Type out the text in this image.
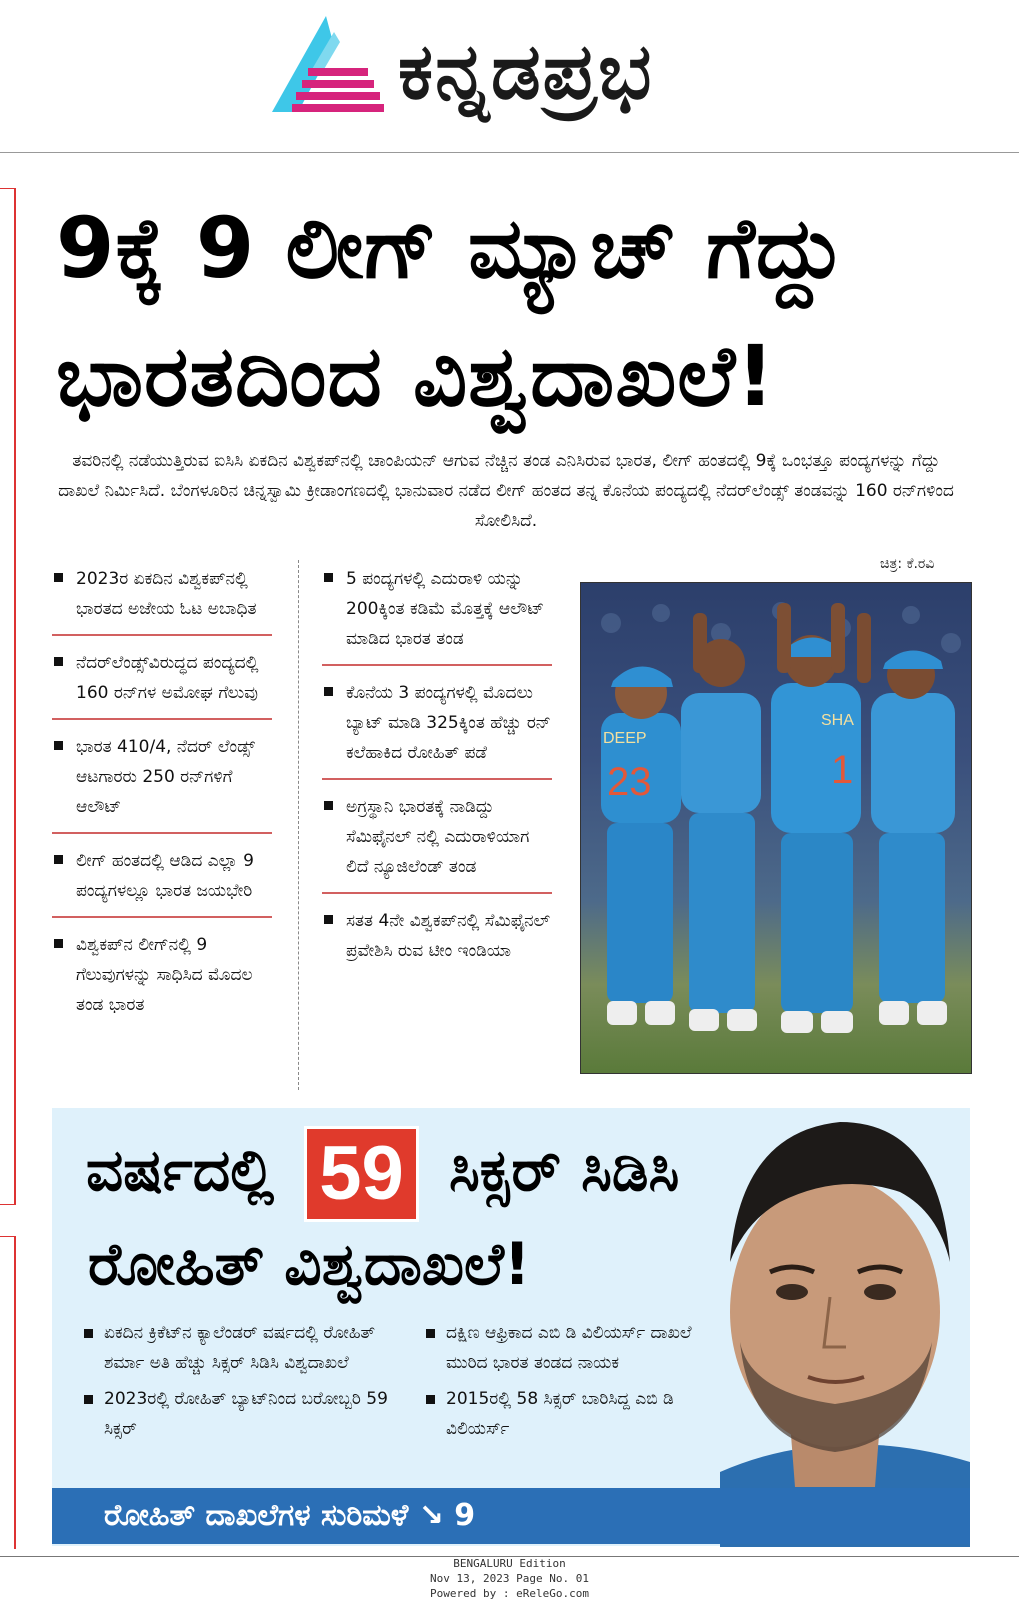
ಕನ್ನಡಪ್ರಭ
9ಕ್ಕೆ 9 ಲೀಗ್ ಮ್ಯಾಚ್ ಗೆದ್ದು
ಭಾರತದಿಂದ ವಿಶ್ವದಾಖಲೆ!
ತವರಿನಲ್ಲಿ ನಡೆಯುತ್ತಿರುವ ಐಸಿಸಿ ಏಕದಿನ ವಿಶ್ವಕಪ್‌ನಲ್ಲಿ ಚಾಂಪಿಯನ್ ಆಗುವ ನೆಚ್ಚಿನ ತಂಡ ಎನಿಸಿರುವ ಭಾರತ, ಲೀಗ್ ಹಂತದಲ್ಲಿ 9ಕ್ಕೆ ಒಂಭತ್ತೂ ಪಂದ್ಯಗಳನ್ನು ಗೆದ್ದು ದಾಖಲೆ ನಿರ್ಮಿಸಿದೆ. ಬೆಂಗಳೂರಿನ ಚಿನ್ನಸ್ವಾಮಿ ಕ್ರೀಡಾಂಗಣದಲ್ಲಿ ಭಾನುವಾರ ನಡೆದ ಲೀಗ್ ಹಂತದ ತನ್ನ ಕೊನೆಯ ಪಂದ್ಯದಲ್ಲಿ ನೆದರ್‌ಲೆಂಡ್ಸ್ ತಂಡವನ್ನು 160 ರನ್‌ಗಳಿಂದ ಸೋಲಿಸಿದೆ.
2023ರ ಏಕದಿನ ವಿಶ್ವಕಪ್‌ನಲ್ಲಿ ಭಾರತದ ಅಜೇಯ ಓಟ ಅಬಾಧಿತ
ನೆದರ್‌ಲೆಂಡ್ಸ್‌ವಿರುದ್ಧದ ಪಂದ್ಯದಲ್ಲಿ 160 ರನ್‌ಗಳ ಅಮೋಘ ಗೆಲುವು
ಭಾರತ 410/4, ನೆದರ್ ಲೆಂಡ್ಸ್ ಆಟಗಾರರು 250 ರನ್‌ಗಳಿಗೆ ಆಲೌಟ್
ಲೀಗ್ ಹಂತದಲ್ಲಿ ಆಡಿದ ಎಲ್ಲಾ 9 ಪಂದ್ಯಗಳಲ್ಲೂ ಭಾರತ ಜಯಭೇರಿ
ವಿಶ್ವಕಪ್‌ನ ಲೀಗ್‌ನಲ್ಲಿ 9 ಗೆಲುವುಗಳನ್ನು ಸಾಧಿಸಿದ ಮೊದಲ ತಂಡ ಭಾರತ
5 ಪಂದ್ಯಗಳಲ್ಲಿ ಎದುರಾಳಿ ಯನ್ನು 200ಕ್ಕಿಂತ ಕಡಿಮೆ ಮೊತ್ತಕ್ಕೆ ಆಲೌಟ್ ಮಾಡಿದ ಭಾರತ ತಂಡ
ಕೊನೆಯ 3 ಪಂದ್ಯಗಳಲ್ಲಿ ಮೊದಲು ಬ್ಯಾಟ್ ಮಾಡಿ 325ಕ್ಕಿಂತ ಹೆಚ್ಚು ರನ್ ಕಲೆಹಾಕಿದ ರೋಹಿತ್ ಪಡೆ
ಅಗ್ರಸ್ಥಾನಿ ಭಾರತಕ್ಕೆ ನಾಡಿದ್ದು ಸೆಮಿಫೈನಲ್ ನಲ್ಲಿ ಎದುರಾಳಿಯಾಗ ಲಿದೆ ನ್ಯೂಜಿಲೆಂಡ್ ತಂಡ
ಸತತ 4ನೇ ವಿಶ್ವಕಪ್‌ನಲ್ಲಿ ಸೆಮಿಫೈನಲ್ ಪ್ರವೇಶಿಸಿ ರುವ ಟೀಂ ಇಂಡಿಯಾ
ಚಿತ್ರ: ಕೆ.ರವಿ
DEEP
23
SHA
1
ವರ್ಷದಲ್ಲಿ 59 ಸಿಕ್ಸರ್ ಸಿಡಿಸಿ
ರೋಹಿತ್ ವಿಶ್ವದಾಖಲೆ!
ಏಕದಿನ ಕ್ರಿಕೆಟ್‌ನ ಕ್ಯಾಲೆಂಡರ್ ವರ್ಷದಲ್ಲಿ ರೋಹಿತ್ ಶರ್ಮಾ ಅತಿ ಹೆಚ್ಚು ಸಿಕ್ಸರ್ ಸಿಡಿಸಿ ವಿಶ್ವದಾಖಲೆ
2023ರಲ್ಲಿ ರೋಹಿತ್ ಬ್ಯಾಟ್‌ನಿಂದ ಬರೋಬ್ಬರಿ 59 ಸಿಕ್ಸರ್
ದಕ್ಷಿಣ ಆಫ್ರಿಕಾದ ಎಬಿ ಡಿ ವಿಲಿಯರ್ಸ್ ದಾಖಲೆ ಮುರಿದ ಭಾರತ ತಂಡದ ನಾಯಕ
2015ರಲ್ಲಿ 58 ಸಿಕ್ಸರ್ ಬಾರಿಸಿದ್ದ ಎಬಿ ಡಿ ವಿಲಿಯರ್ಸ್
ರೋಹಿತ್ ದಾಖಲೆಗಳ ಸುರಿಮಳೆ ↘ 9
BENGALURU Edition
Nov 13, 2023 Page No. 01
Powered by : eReleGo.com
